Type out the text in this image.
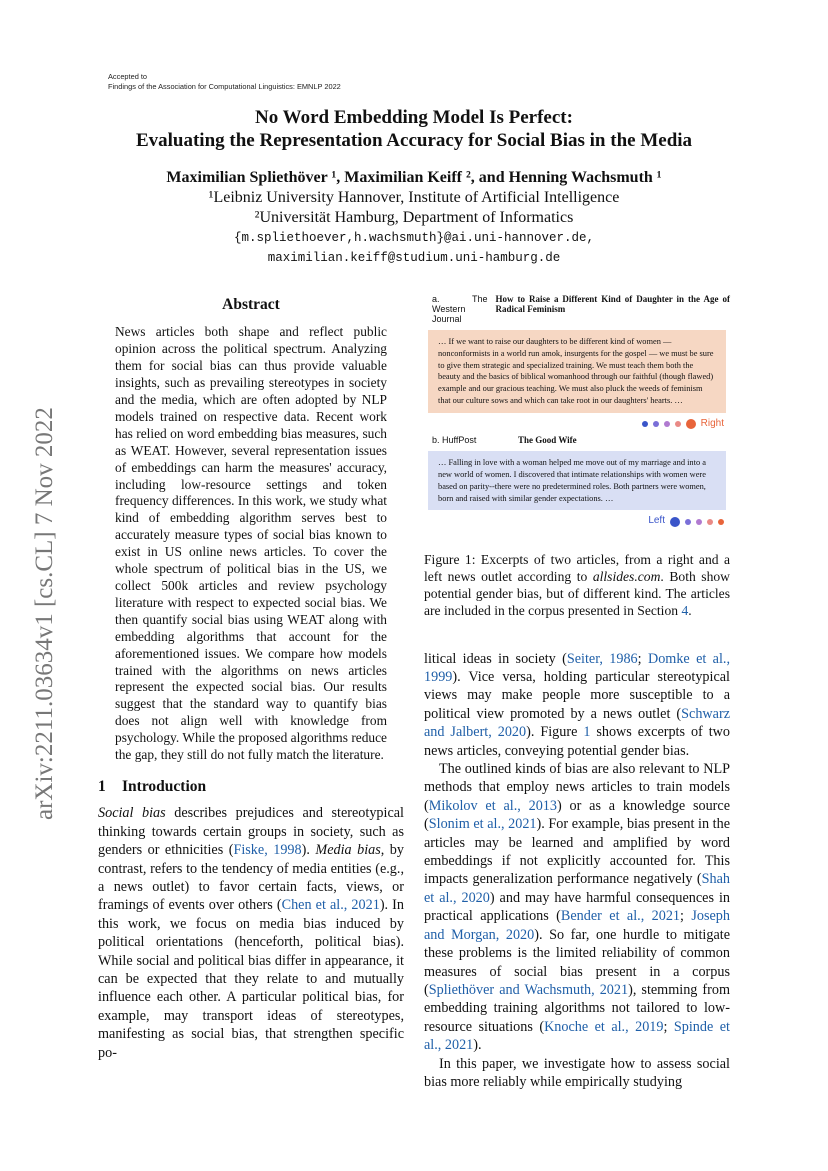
arXiv:2211.03634v1 [cs.CL] 7 Nov 2022
Accepted to
Findings of the Association for Computational Linguistics: EMNLP 2022
No Word Embedding Model Is Perfect:
Evaluating the Representation Accuracy for Social Bias in the Media
Maximilian Spliethöver ¹, Maximilian Keiff ², and Henning Wachsmuth ¹
¹Leibniz University Hannover, Institute of Artificial Intelligence
²Universität Hamburg, Department of Informatics
{m.spliethoever,h.wachsmuth}@ai.uni-hannover.de,
maximilian.keiff@studium.uni-hamburg.de
Abstract
News articles both shape and reflect public opinion across the political spectrum. Analyzing them for social bias can thus provide valuable insights, such as prevailing stereotypes in society and the media, which are often adopted by NLP models trained on respective data. Recent work has relied on word embedding bias measures, such as WEAT. However, several representation issues of embeddings can harm the measures' accuracy, including low-resource settings and token frequency differences. In this work, we study what kind of embedding algorithm serves best to accurately measure types of social bias known to exist in US online news articles. To cover the whole spectrum of political bias in the US, we collect 500k articles and review psychology literature with respect to expected social bias. We then quantify social bias using WEAT along with embedding algorithms that account for the aforementioned issues. We compare how models trained with the algorithms on news articles represent the expected social bias. Our results suggest that the standard way to quantify bias does not align well with knowledge from psychology. While the proposed algorithms reduce the gap, they still do not fully match the literature.
1 Introduction

Social bias describes prejudices and stereotypical thinking towards certain groups in society, such as genders or ethnicities (Fiske, 1998). Media bias, by contrast, refers to the tendency of media entities (e.g., a news outlet) to favor certain facts, views, or framings of events over others (Chen et al., 2021). In this work, we focus on media bias induced by political orientations (henceforth, political bias). While social and political bias differ in appearance, it can be expected that they relate to and mutually influence each other. A particular political bias, for example, may transport ideas of stereotypes, manifesting as social bias, that strengthen specific po-

a. The Western Journal
How to Raise a Different Kind of Daughter in the Age of Radical Feminism
… If we want to raise our daughters to be different kind of women — nonconformists in a world run amok, insurgents for the gospel — we must be sure to give them strategic and specialized training. We must teach them both the beauty and the basics of biblical womanhood through our faithful (though flawed) example and our gracious teaching. We must also pluck the weeds of feminism that our culture sows and which can take root in our daughters' hearts. …
Right
b. HuffPost	The Good Wife
… Falling in love with a woman helped me move out of my marriage and into a new world of women. I discovered that intimate relationships with women were based on parity--there were no predetermined roles. Both partners were women, born and raised with similar gender expectations. …
Left
Figure 1: Excerpts of two articles, from a right and a left news outlet according to allsides.com. Both show potential gender bias, but of different kind. The articles are included in the corpus presented in Section 4.

litical ideas in society (Seiter, 1986; Domke et al., 1999). Vice versa, holding particular stereotypical views may make people more susceptible to a political view promoted by a news outlet (Schwarz and Jalbert, 2020). Figure 1 shows excerpts of two news articles, conveying potential gender bias.

The outlined kinds of bias are also relevant to NLP methods that employ news articles to train models (Mikolov et al., 2013) or as a knowledge source (Slonim et al., 2021). For example, bias present in the articles may be learned and amplified by word embeddings if not explicitly accounted for. This impacts generalization performance negatively (Shah et al., 2020) and may have harmful consequences in practical applications (Bender et al., 2021; Joseph and Morgan, 2020). So far, one hurdle to mitigate these problems is the limited reliability of common measures of social bias present in a corpus (Spliethöver and Wachsmuth, 2021), stemming from embedding training algorithms not tailored to low-resource situations (Knoche et al., 2019; Spinde et al., 2021).

In this paper, we investigate how to assess social bias more reliably while empirically studying
